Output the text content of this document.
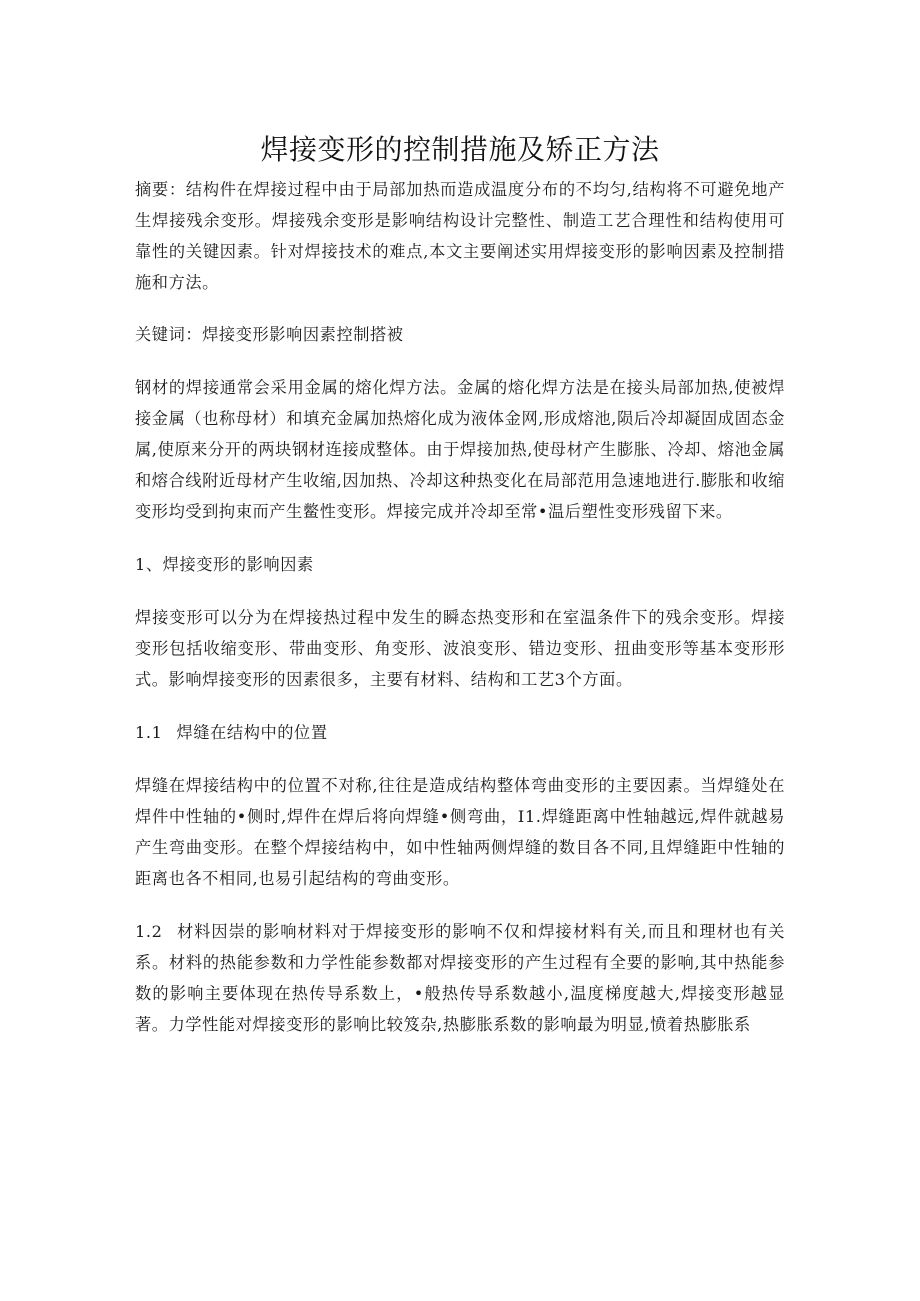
焊接变形的控制措施及矫正方法

摘要：结构件在焊接过程中由于局部加热而造成温度分布的不均匀,结构将不可避免地产生焊接残余变形。焊接残余变形是影响结构设计完整性、制造工艺合理性和结构使用可靠性的关键因素。针对焊接技术的难点,本文主要阐述实用焊接变形的影响因素及控制措施和方法。

关键词：焊接变形影响因素控制搭被

钢材的焊接通常会采用金属的熔化焊方法。金属的熔化焊方法是在接头局部加热,使被焊接金属（也称母材）和填充金属加热熔化成为液体金网,形成熔池,陨后冷却凝固成固态金属,使原来分开的两块钢材连接成整体。由于焊接加热,使母材产生膨胀、冷却、熔池金属和熔合线附近母材产生收缩,因加热、冷却这种热变化在局部范用急速地进行.膨胀和收缩变形均受到拘束而产生鳖性变形。焊接完成并冷却至常•温后塑性变形残留下来。

1、焊接变形的影响因素

焊接变形可以分为在焊接热过程中发生的瞬态热变形和在室温条件下的残余变形。焊接变形包括收缩变形、带曲变形、角变形、波浪变形、错边变形、扭曲变形等基本变形形式。影响焊接变形的因素很多，主要有材料、结构和工艺3个方面。

1.1 焊缝在结构中的位置

焊缝在焊接结构中的位置不对称,往往是造成结构整体弯曲变形的主要因素。当焊缝处在焊件中性轴的•侧时,焊件在焊后将向焊缝•侧弯曲，I1.焊缝距离中性轴越远,焊件就越易产生弯曲变形。在整个焊接结构中，如中性轴两侧焊缝的数目各不同,且焊缝距中性轴的距离也各不相同,也易引起结构的弯曲变形。

1.2 材料因崇的影响材料对于焊接变形的影响不仅和焊接材料有关,而且和理材也有关系。材料的热能参数和力学性能参数都对焊接变形的产生过程有全要的影响,其中热能参数的影响主要体现在热传导系数上，•般热传导系数越小,温度梯度越大,焊接变形越显著。力学性能对焊接变形的影响比较笈杂,热膨胀系数的影响最为明显,愤着热膨胀系
